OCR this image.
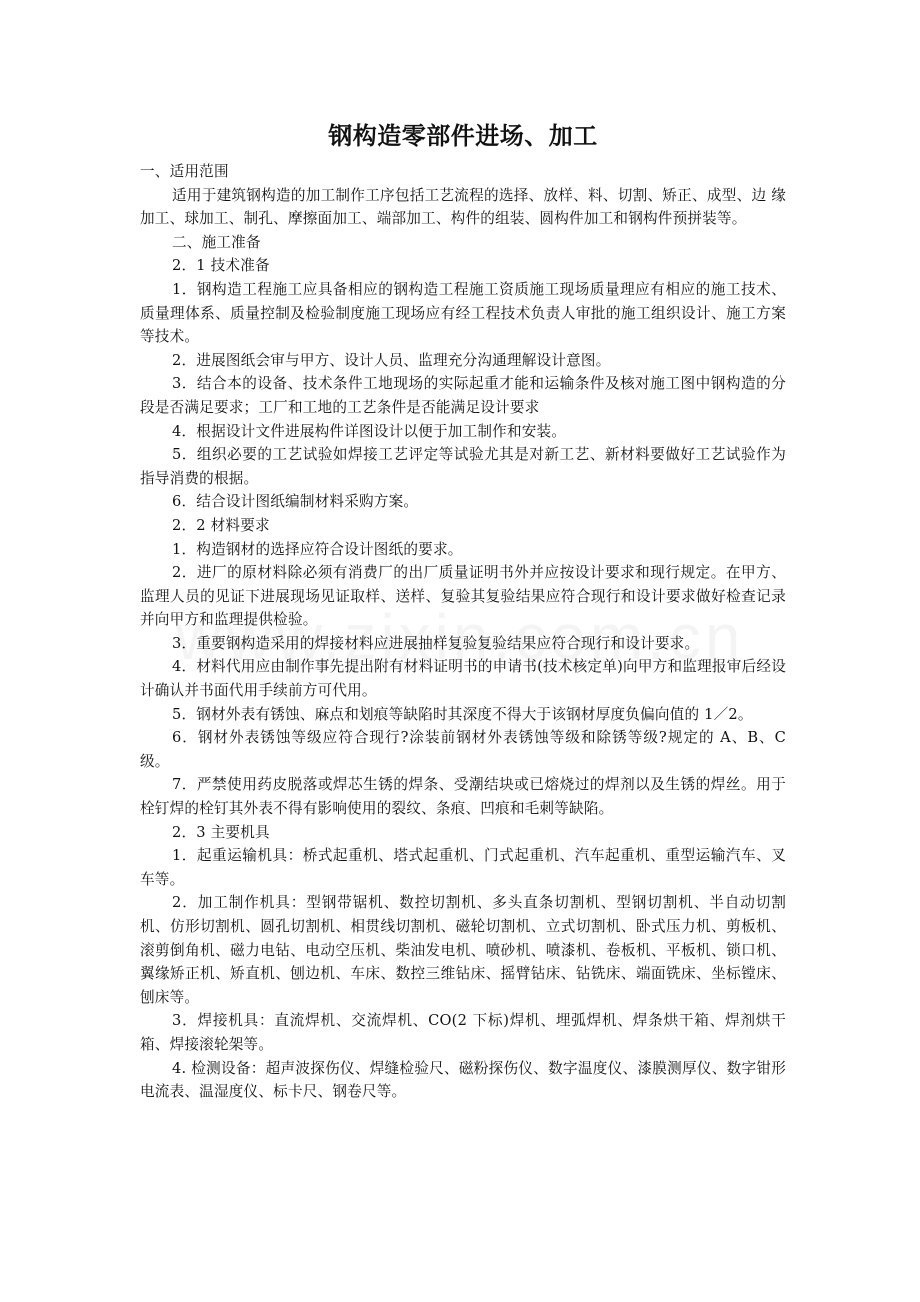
钢构造零部件进场、加工

一、适用范围

适用于建筑钢构造的加工制作工序包括工艺流程的选择、放样、料、切割、矫正、成型、边 缘加工、球加工、制孔、摩擦面加工、端部加工、构件的组装、圆构件加工和钢构件预拼装等。

二、施工准备

2．1 技术准备

1．钢构造工程施工应具备相应的钢构造工程施工资质施工现场质量理应有相应的施工技术、质量理体系、质量控制及检验制度施工现场应有经工程技术负责人审批的施工组织设计、施工方案等技术。

2．进展图纸会审与甲方、设计人员、监理充分沟通理解设计意图。

3．结合本的设备、技术条件工地现场的实际起重才能和运输条件及核对施工图中钢构造的分段是否满足要求；工厂和工地的工艺条件是否能满足设计要求

4．根据设计文件进展构件详图设计以便于加工制作和安装。

5．组织必要的工艺试验如焊接工艺评定等试验尤其是对新工艺、新材料要做好工艺试验作为指导消费的根据。

6．结合设计图纸编制材料采购方案。

2．2 材料要求

1．构造钢材的选择应符合设计图纸的要求。

2．进厂的原材料除必须有消费厂的出厂质量证明书外并应按设计要求和现行规定。在甲方、监理人员的见证下进展现场见证取样、送样、复验其复验结果应符合现行和设计要求做好检查记录并向甲方和监理提供检验。

3．重要钢构造采用的焊接材料应进展抽样复验复验结果应符合现行和设计要求。

4．材料代用应由制作事先提出附有材料证明书的申请书(技术核定单)向甲方和监理报审后经设计确认并书面代用手续前方可代用。

5．钢材外表有锈蚀、麻点和划痕等缺陷时其深度不得大于该钢材厚度负偏向值的 1／2。

6．钢材外表锈蚀等级应符合现行?涂装前钢材外表锈蚀等级和除锈等级?规定的 A、B、C 级。

7．严禁使用药皮脱落或焊芯生锈的焊条、受潮结块或已熔烧过的焊剂以及生锈的焊丝。用于栓钉焊的栓钉其外表不得有影响使用的裂纹、条痕、凹痕和毛刺等缺陷。

2．3 主要机具

1．起重运输机具：桥式起重机、塔式起重机、门式起重机、汽车起重机、重型运输汽车、叉车等。

2．加工制作机具：型钢带锯机、数控切割机、多头直条切割机、型钢切割机、半自动切割机、仿形切割机、圆孔切割机、相贯线切割机、磁轮切割机、立式切割机、卧式压力机、剪板机、滚剪倒角机、磁力电钻、电动空压机、柴油发电机、喷砂机、喷漆机、卷板机、平板机、锁口机、翼缘矫正机、矫直机、刨边机、车床、数控三维钻床、摇臂钻床、钻铣床、端面铣床、坐标镗床、刨床等。

3．焊接机具：直流焊机、交流焊机、CO(2 下标)焊机、埋弧焊机、焊条烘干箱、焊剂烘干箱、焊接滚轮架等。

4. 检测设备：超声波探伤仪、焊缝检验尺、磁粉探伤仪、数字温度仪、漆膜测厚仪、数字钳形电流表、温湿度仪、标卡尺、钢卷尺等。
